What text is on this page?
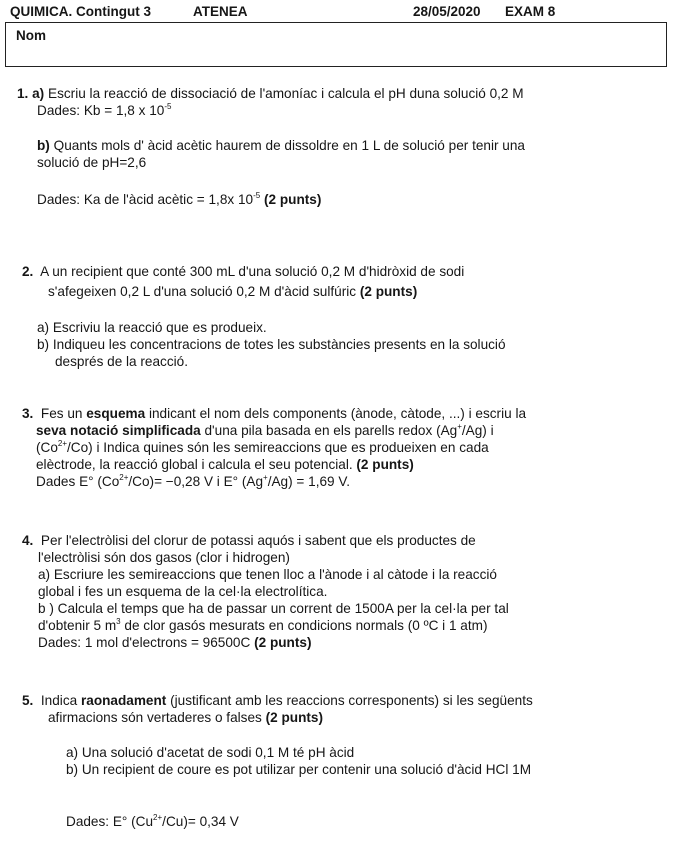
QUIMICA. Contingut 3	ATENEA	28/05/2020 EXAM 8
Nom
1. a) Escriu la reacció de dissociació de l'amoníac i calcula el pH duna solució 0,2 M
Dades: Kb = 1,8 x $10^{-5}$
b) Quants mols d' àcid acètic haurem de dissoldre en 1 L de solució per tenir una
solució de pH=2,6
Dades: Ka de l'àcid acètic = 1,8x $10^{-5}$ (2 punts)
2. A un recipient que conté 300 mL d'una solució 0,2 M d'hidròxid de sodi
s'afegeixen 0,2 L d'una solució 0,2 M d'àcid sulfúric (2 punts)
a) Escriviu la reacció que es produeix.
b) Indiqueu les concentracions de totes les substàncies presents en la solució
després de la reacció.
3. Fes un esquema indicant el nom dels components (ànode, càtode, ...) i escriu la
seva notació simplificada d'una pila basada en els parells redox (Ag+/Ag) i
$(Co^{2+}/Co)$ i Indica quines són les semireaccions que es produeixen en cada
elèctrode, la reacció global i calcula el seu potencial. (2 punts)
Dades E° $(Co^{2+}/Co)= -0,28$ V i E° (Ag+/Ag) = 1,69 V.
4. Per l'electròlisi del clorur de potassi aquós i sabent que els productes de
l'electròlisi són dos gasos (clor i hidrogen)
a) Escriure les semireaccions que tenen lloc a l'ànode i al càtode i la reacció
global i fes un esquema de la cel·la electrolítica.
b ) Calcula el temps que ha de passar un corrent de 1500A per la cel·la per tal
d'obtenir 5 $m^3$ de clor gasós mesurats en condicions normals (0 ºC i 1 atm)
Dades: 1 mol d'electrons = 96500C (2 punts)
5. Indica raonadament (justificant amb les reaccions corresponents) si les següents
afirmacions són vertaderes o falses (2 punts)
a) Una solució d'acetat de sodi 0,1 M té pH àcid
b) Un recipient de coure es pot utilizar per contenir una solució d'àcid HCl 1M
Dades: E° $(Cu^{2+}/Cu)= 0,34$ V
